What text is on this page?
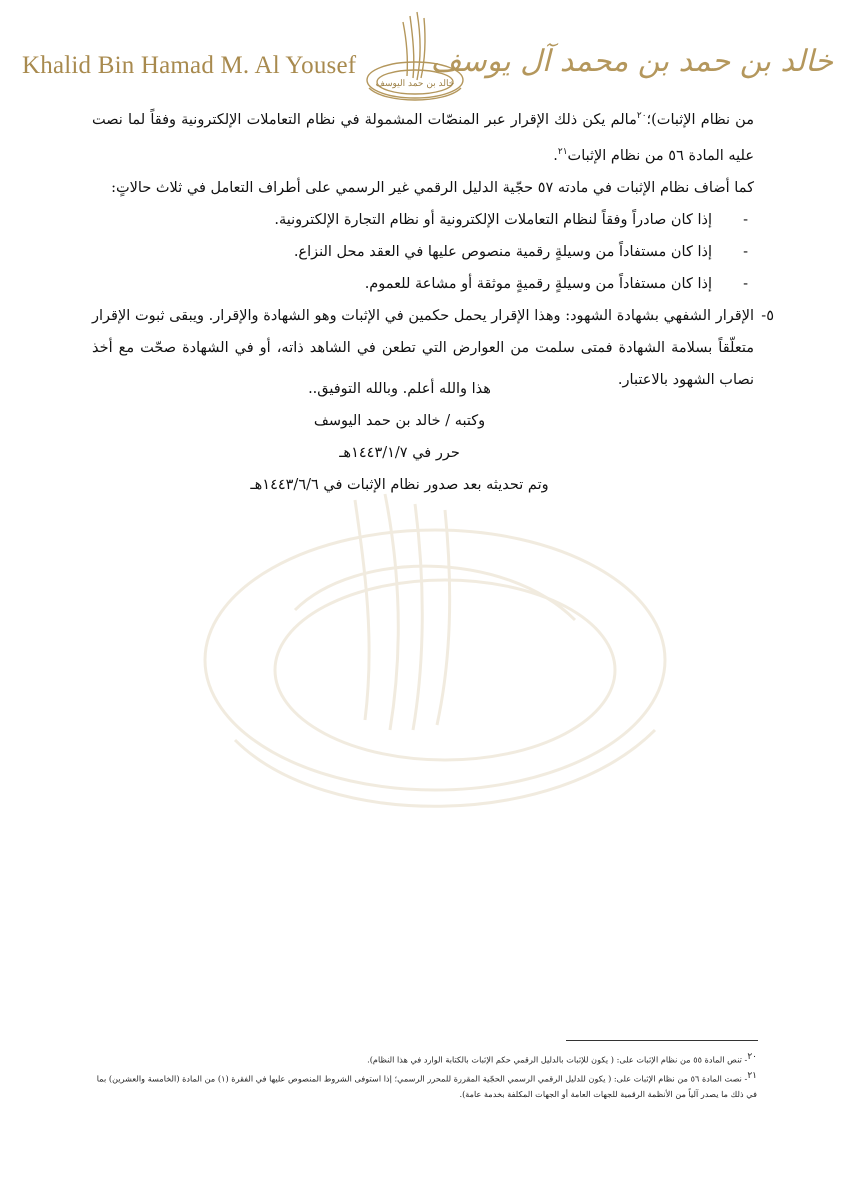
Khalid Bin Hamad M. Al Yousef
خالد بن حمد اليوسف
خالد بن حمد بن محمد آل يوسف

من نظام الإثبات)؛$^{٢٠}$مالم يكن ذلك الإقرار عبر المنصّات المشمولة في نظام التعاملات الإلكترونية وفقاً لما نصت عليه المادة ٥٦ من نظام الإثبات$^{٢١}$.

كما أضاف نظام الإثبات في مادته ٥٧ حجّية الدليل الرقمي غير الرسمي على أطراف التعامل في ثلاث حالاتٍ:

-
إذا كان صادراً وفقاً لنظام التعاملات الإلكترونية أو نظام التجارة الإلكترونية.
-
إذا كان مستفاداً من وسيلةٍ رقمية منصوص عليها في العقد محل النزاع.
-
إذا كان مستفاداً من وسيلةٍ رقميةٍ موثقة أو مشاعة للعموم.

٥-
الإقرار الشفهي بشهادة الشهود: وهذا الإقرار يحمل حكمين في الإثبات وهو الشهادة والإقرار. ويبقى ثبوت الإقرار متعلّقاً بسلامة الشهادة فمتى سلمت من العوارض التي تطعن في الشاهد ذاته، أو في الشهادة صحّت مع أخذ نصاب الشهود بالاعتبار.

هذا والله أعلم. وبالله التوفيق..
وكتبه / خالد بن حمد اليوسف
حرر في ١٤٤٣/١/٧هـ
وتم تحديثه بعد صدور نظام الإثبات في ١٤٤٣/٦/٦هـ

$^{٢٠}$- تنص المادة ٥٥ من نظام الإثبات على: ( يكون للإثبات بالدليل الرقمي حكم الإثبات بالكتابة الوارد في هذا النظام).

$^{٢١}$- نصت المادة ٥٦ من نظام الإثبات على: ( يكون للدليل الرقمي الرسمي الحجّية المقررة للمحرر الرسمي؛ إذا استوفى الشروط المنصوص عليها في الفقرة (١) من المادة (الخامسة والعشرين) بما في ذلك ما يصدر آلياً من الأنظمة الرقمية للجهات العامة أو الجهات المكلفة بخدمة عامة).
